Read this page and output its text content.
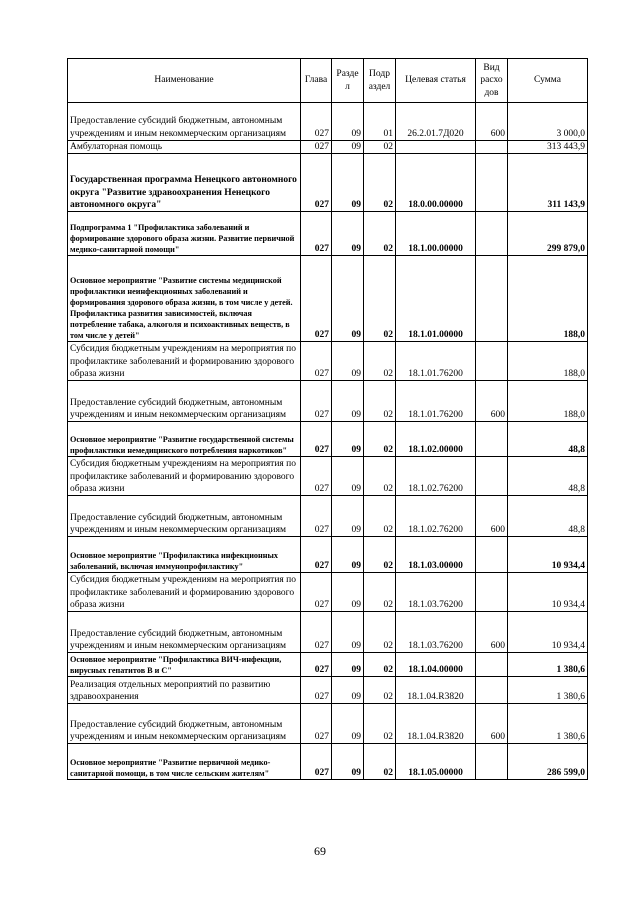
Наименование	Глава	Разде л	Подр аздел	Целевая статья	Вид расхо дов	Сумма
Предоставление субсидий бюджетным, автономным учреждениям и иным некоммерческим организациям	027	09	01	26.2.01.7Д020	600	3 000,0
Амбулаторная помощь	027	09	02			313 443,9
Государственная программа Ненецкого автономного округа "Развитие здравоохранения Ненецкого автономного округа"	027	09	02	18.0.00.00000		311 143,9
Подпрограмма 1 "Профилактика заболеваний и формирование здорового образа жизни. Развитие первичной медико-санитарной помощи"	027	09	02	18.1.00.00000		299 879,0
Основное мероприятие "Развитие системы медицинской профилактики неинфекционных заболеваний и формирования здорового образа жизни, в том числе у детей. Профилактика развития зависимостей, включая потребление табака, алкоголя и психоактивных веществ, в том числе у детей"	027	09	02	18.1.01.00000		188,0
Субсидия бюджетным учреждениям на мероприятия по профилактике заболеваний и формированию здорового образа жизни	027	09	02	18.1.01.76200		188,0
Предоставление субсидий бюджетным, автономным учреждениям и иным некоммерческим организациям	027	09	02	18.1.01.76200	600	188,0
Основное мероприятие "Развитие государственной системы профилактики немедицинского потребления наркотиков"	027	09	02	18.1.02.00000		48,8
Субсидия бюджетным учреждениям на мероприятия по профилактике заболеваний и формированию здорового образа жизни	027	09	02	18.1.02.76200		48,8
Предоставление субсидий бюджетным, автономным учреждениям и иным некоммерческим организациям	027	09	02	18.1.02.76200	600	48,8
Основное мероприятие "Профилактика инфекционных заболеваний, включая иммунопрофилактику"	027	09	02	18.1.03.00000		10 934,4
Субсидия бюджетным учреждениям на мероприятия по профилактике заболеваний и формированию здорового образа жизни	027	09	02	18.1.03.76200		10 934,4
Предоставление субсидий бюджетным, автономным учреждениям и иным некоммерческим организациям	027	09	02	18.1.03.76200	600	10 934,4
Основное мероприятие "Профилактика ВИЧ-инфекции, вирусных гепатитов В и С"	027	09	02	18.1.04.00000		1 380,6
Реализация отдельных мероприятий по развитию здравоохранения	027	09	02	18.1.04.R3820		1 380,6
Предоставление субсидий бюджетным, автономным учреждениям и иным некоммерческим организациям	027	09	02	18.1.04.R3820	600	1 380,6
Основное мероприятие "Развитие первичной медико-санитарной помощи, в том числе сельским жителям"	027	09	02	18.1.05.00000		286 599,0
69
